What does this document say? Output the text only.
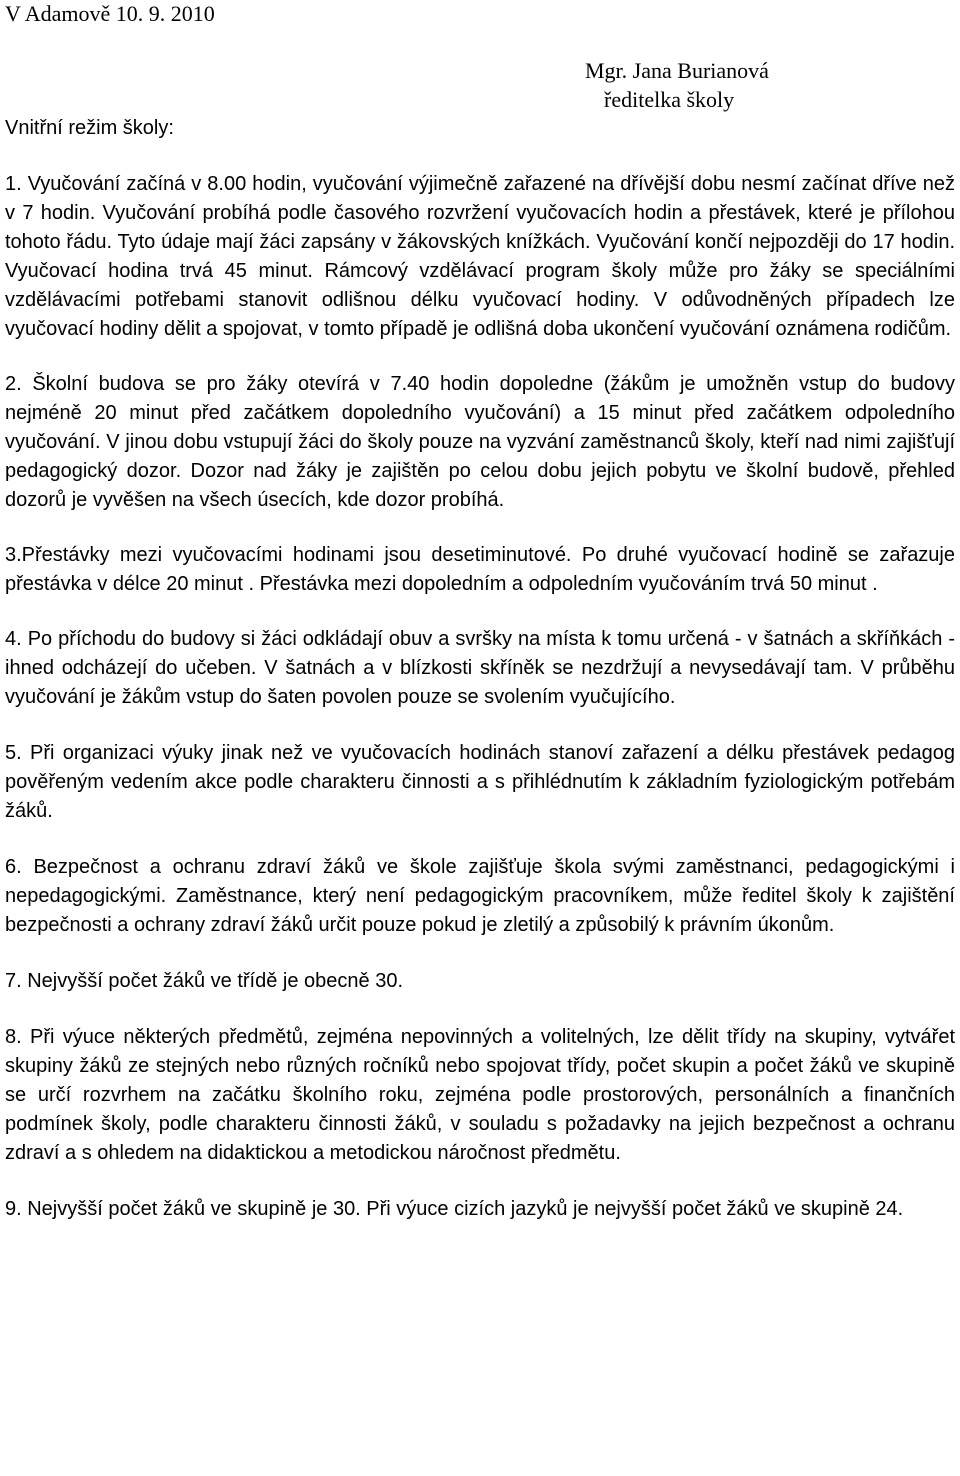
V Adamově 10. 9. 2010
Mgr. Jana Burianová
ředitelka školy
Vnitřní režim školy:

1. Vyučování začíná v 8.00 hodin, vyučování výjimečně zařazené na dřívější dobu nesmí začínat dříve než v 7 hodin. Vyučování probíhá podle časového rozvržení vyučovacích hodin a přestávek, které je přílohou tohoto řádu. Tyto údaje mají žáci zapsány v žákovských knížkách. Vyučování končí nejpozději do 17 hodin. Vyučovací hodina trvá 45 minut. Rámcový vzdělávací program školy může pro žáky se speciálními vzdělávacími potřebami stanovit odlišnou délku vyučovací hodiny. V odůvodněných případech lze vyučovací hodiny dělit a spojovat, v tomto případě je odlišná doba ukončení vyučování oznámena rodičům.

2. Školní budova se pro žáky otevírá v 7.40 hodin dopoledne (žákům je umožněn vstup do budovy nejméně 20 minut před začátkem dopoledního vyučování) a 15 minut před začátkem odpoledního vyučování. V jinou dobu vstupují žáci do školy pouze na vyzvání zaměstnanců školy, kteří nad nimi zajišťují pedagogický dozor. Dozor nad žáky je zajištěn po celou dobu jejich pobytu ve školní budově, přehled dozorů je vyvěšen na všech úsecích, kde dozor probíhá.

3.Přestávky mezi vyučovacími hodinami jsou desetiminutové. Po druhé vyučovací hodině se zařazuje přestávka v délce 20 minut . Přestávka mezi dopoledním a odpoledním vyučováním trvá 50 minut .

4. Po příchodu do budovy si žáci odkládají obuv a svršky na místa k tomu určená - v šatnách a skříňkách - ihned odcházejí do učeben. V šatnách a v blízkosti skříněk se nezdržují a nevysedávají tam. V průběhu vyučování je žákům vstup do šaten povolen pouze se svolením vyučujícího.

5. Při organizaci výuky jinak než ve vyučovacích hodinách stanoví zařazení a délku přestávek pedagog pověřeným vedením akce podle charakteru činnosti a s přihlédnutím k základním fyziologickým potřebám žáků.

6. Bezpečnost a ochranu zdraví žáků ve škole zajišťuje škola svými zaměstnanci, pedagogickými i nepedagogickými. Zaměstnance, který není pedagogickým pracovníkem, může ředitel školy k zajištění bezpečnosti a ochrany zdraví žáků určit pouze pokud je zletilý a způsobilý k právním úkonům.

7. Nejvyšší počet žáků ve třídě je obecně 30.

8. Při výuce některých předmětů, zejména nepovinných a volitelných, lze dělit třídy na skupiny, vytvářet skupiny žáků ze stejných nebo různých ročníků nebo spojovat třídy, počet skupin a počet žáků ve skupině se určí rozvrhem na začátku školního roku, zejména podle prostorových, personálních a finančních podmínek školy, podle charakteru činnosti žáků, v souladu s požadavky na jejich bezpečnost a ochranu zdraví a s ohledem na didaktickou a metodickou náročnost předmětu.

9. Nejvyšší počet žáků ve skupině je 30. Při výuce cizích jazyků je nejvyšší počet žáků ve skupině 24.
